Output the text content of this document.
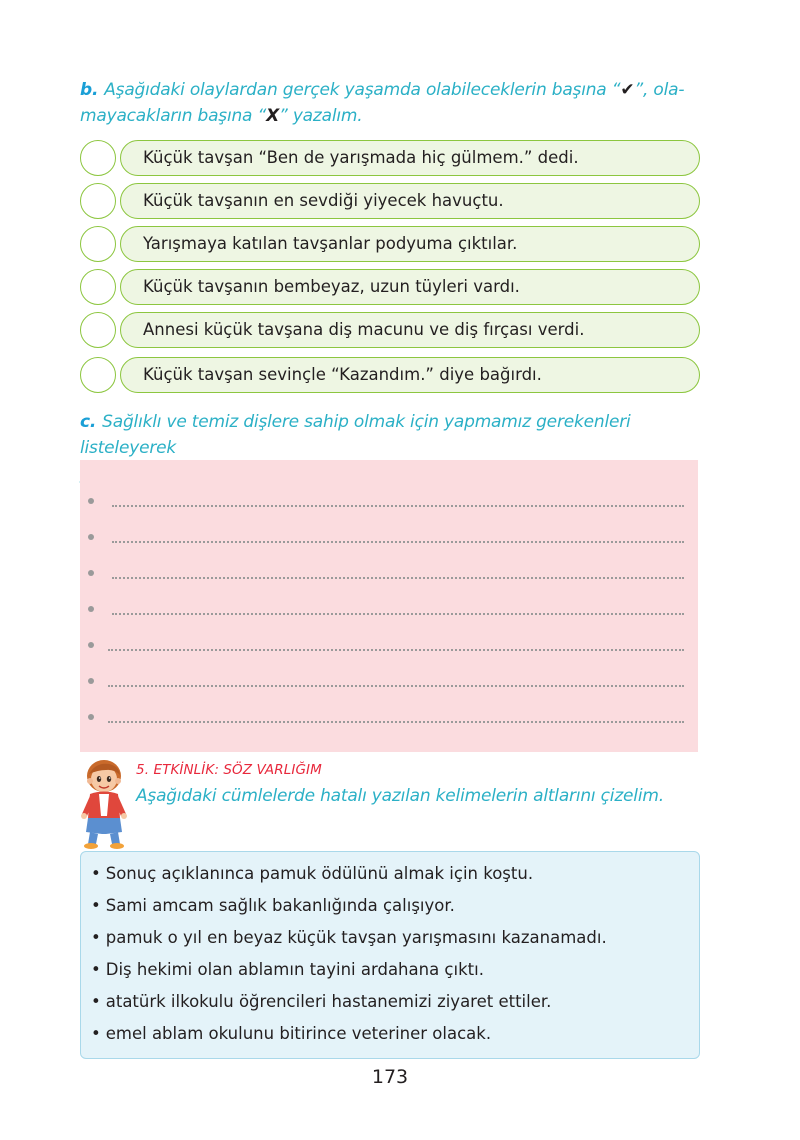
b. Aşağıdaki olaylardan gerçek yaşamda olabileceklerin başına “✔”, ola-
mayacakların başına “X” yazalım.
Küçük tavşan “Ben de yarışmada hiç gülmem.” dedi.
Küçük tavşanın en sevdiği yiyecek havuçtu.
Yarışmaya katılan tavşanlar podyuma çıktılar.
Küçük tavşanın bembeyaz, uzun tüyleri vardı.
Annesi küçük tavşana diş macunu ve diş fırçası verdi.
Küçük tavşan sevinçle “Kazandım.” diye bağırdı.
c. Sağlıklı ve temiz dişlere sahip olmak için yapmamız gerekenleri listeleyerek

5. ETKİNLİK: SÖZ VARLIĞIM
Aşağıdaki cümlelerde hatalı yazılan kelimelerin altlarını çizelim.
• Sonuç açıklanınca pamuk ödülünü almak için koştu.
• Sami amcam sağlık bakanlığında çalışıyor.
• pamuk o yıl en beyaz küçük tavşan yarışmasını kazanamadı.
• Diş hekimi olan ablamın tayini ardahana çıktı.
• atatürk ilkokulu öğrencileri hastanemizi ziyaret ettiler.
• emel ablam okulunu bitirince veteriner olacak.
173
